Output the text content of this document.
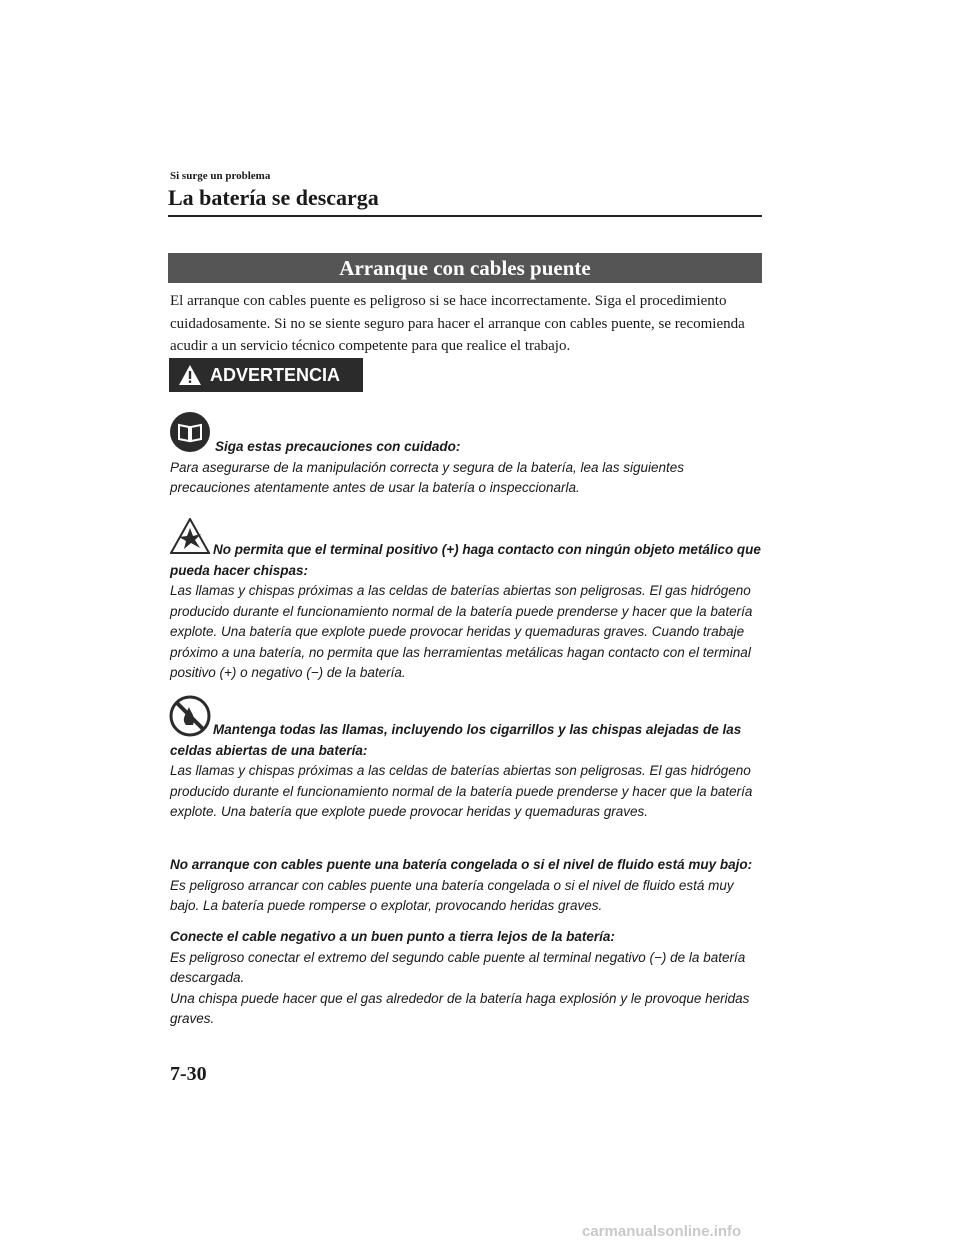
Si surge un problema
La batería se descarga
Arranque con cables puente
El arranque con cables puente es peligroso si se hace incorrectamente. Siga el procedimiento cuidadosamente. Si no se siente seguro para hacer el arranque con cables puente, se recomienda acudir a un servicio técnico competente para que realice el trabajo.
ADVERTENCIA

Siga estas precauciones con cuidado:

Para asegurarse de la manipulación correcta y segura de la batería, lea las siguientes precauciones atentamente antes de usar la batería o inspeccionarla.

No permita que el terminal positivo (+) haga contacto con ningún objeto metálico que pueda hacer chispas:

Las llamas y chispas próximas a las celdas de baterías abiertas son peligrosas. El gas hidrógeno producido durante el funcionamiento normal de la batería puede prenderse y hacer que la batería explote. Una batería que explote puede provocar heridas y quemaduras graves. Cuando trabaje próximo a una batería, no permita que las herramientas metálicas hagan contacto con el terminal positivo (+) o negativo (−) de la batería.

Mantenga todas las llamas, incluyendo los cigarrillos y las chispas alejadas de las celdas abiertas de una batería:

Las llamas y chispas próximas a las celdas de baterías abiertas son peligrosas. El gas hidrógeno producido durante el funcionamiento normal de la batería puede prenderse y hacer que la batería explote. Una batería que explote puede provocar heridas y quemaduras graves.

No arranque con cables puente una batería congelada o si el nivel de fluido está muy bajo:

Es peligroso arrancar con cables puente una batería congelada o si el nivel de fluido está muy bajo. La batería puede romperse o explotar, provocando heridas graves.

Conecte el cable negativo a un buen punto a tierra lejos de la batería:

Es peligroso conectar el extremo del segundo cable puente al terminal negativo (−) de la batería descargada.

Una chispa puede hacer que el gas alrededor de la batería haga explosión y le provoque heridas graves.

7-30
carmanualsonline.info
